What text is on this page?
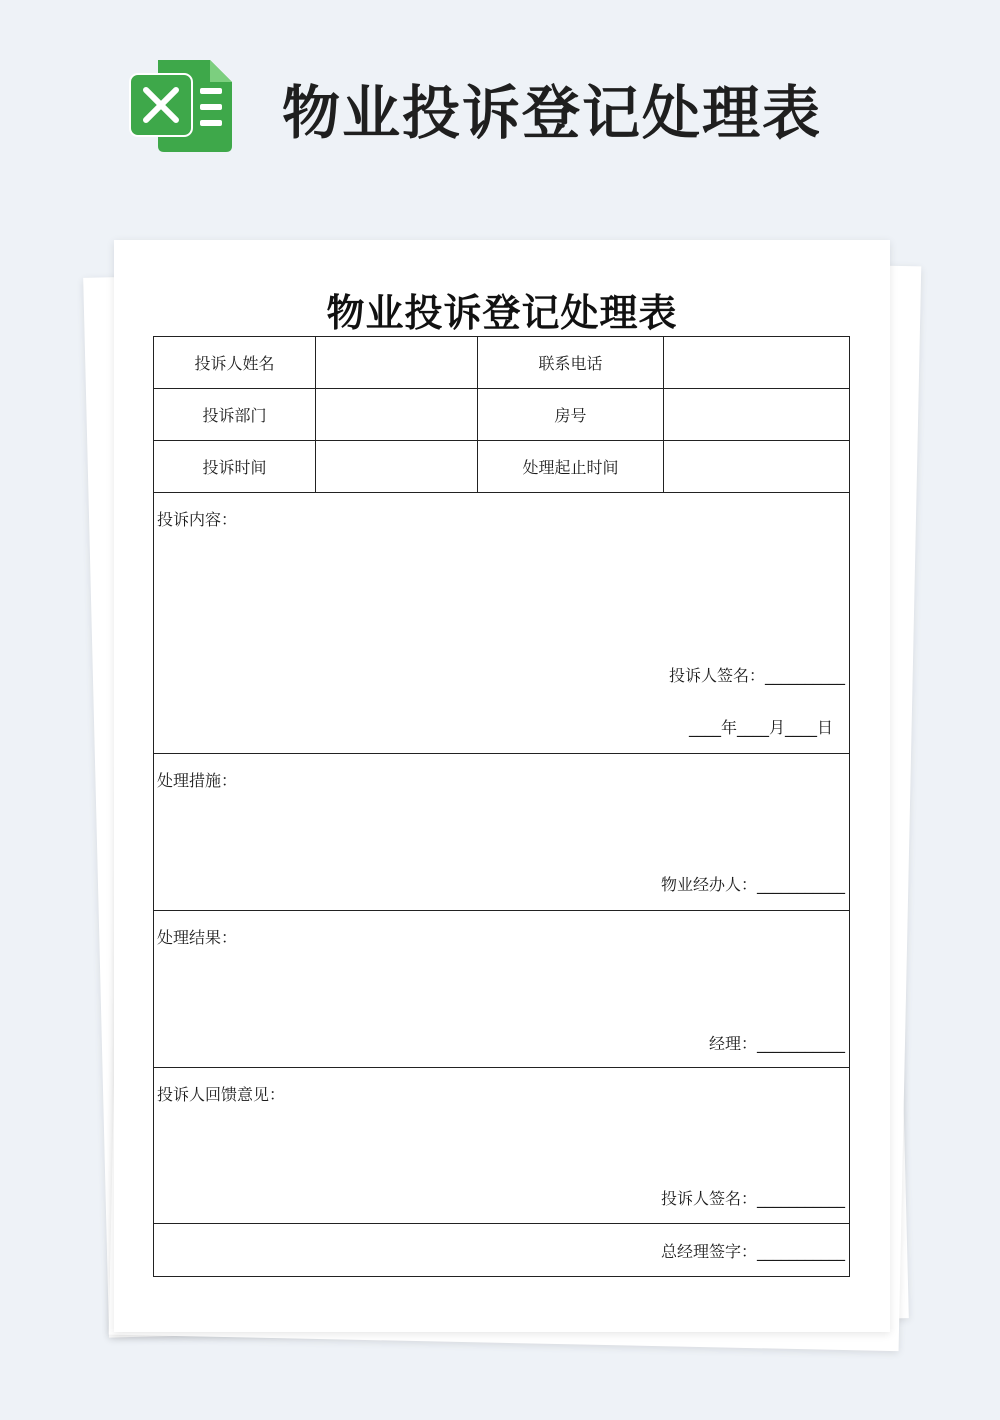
物业投诉登记处理表
物业投诉登记处理表
投诉人姓名	联系电话
投诉部门	房号
投诉时间	处理起止时间
投诉内容：
投诉人签名：__________
____年____月____日
处理措施：
物业经办人：___________
处理结果：
经理：___________
投诉人回馈意见：
投诉人签名：___________
总经理签字：___________
